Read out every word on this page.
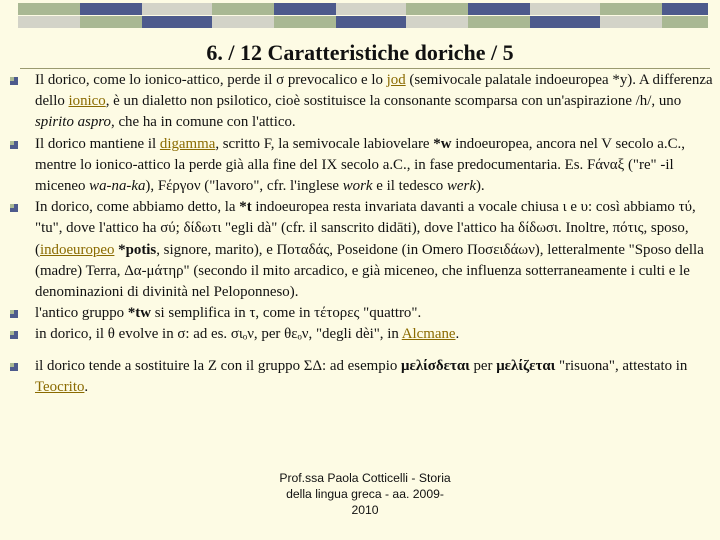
6. / 12 Caratteristiche doriche / 5

Il dorico, come lo ionico-attico, perde il σ prevocalico e lo jod (semivocale palatale indoeuropea *y). A differenza dello ionico, è un dialetto non psilotico, cioè sostituisce la consonante scomparsa con un'aspirazione /h/, uno spirito aspro, che ha in comune con l'attico.

Il dorico mantiene il digamma, scritto F, la semivocale labiovelare *w indoeuropea, ancora nel V secolo a.C., mentre lo ionico-attico la perde già alla fine del IX secolo a.C., in fase predocumentaria. Es. Fάναξ ("re" -il miceneo wa-na-ka), Fέργον ("lavoro", cfr. l'inglese work e il tedesco werk).

In dorico, come abbiamo detto, la *t indoeuropea resta invariata davanti a vocale chiusa ι e υ: così abbiamo τύ, "tu", dove l'attico ha σύ; δίδωτι "egli dà" (cfr. il sanscrito didāti), dove l'attico ha δίδωσι. Inoltre, πότις, sposo, (indoeuropeo *potis, signore, marito), e Ποταδάς, Poseidone (in Omero Ποσειδάων), letteralmente "Sposo della (madre) Terra, Δα-μάτηρ" (secondo il mito arcadico, e già miceneo, che influenza sotterraneamente i culti e le denominazioni di divinità nel Peloponneso).

l'antico gruppo *tw si semplifica in τ, come in τέτορες "quattro".

in dorico, il θ evolve in σ: ad es. σιₒν, per θεₒν, "degli dèi", in Alcmane.

il dorico tende a sostituire la Z con il gruppo ΣΔ: ad esempio μελίσδεται per μελίζεται "risuona", attestato in Teocrito.

Prof.ssa Paola Cotticelli - Storia
della lingua greca - aa. 2009-
2010
